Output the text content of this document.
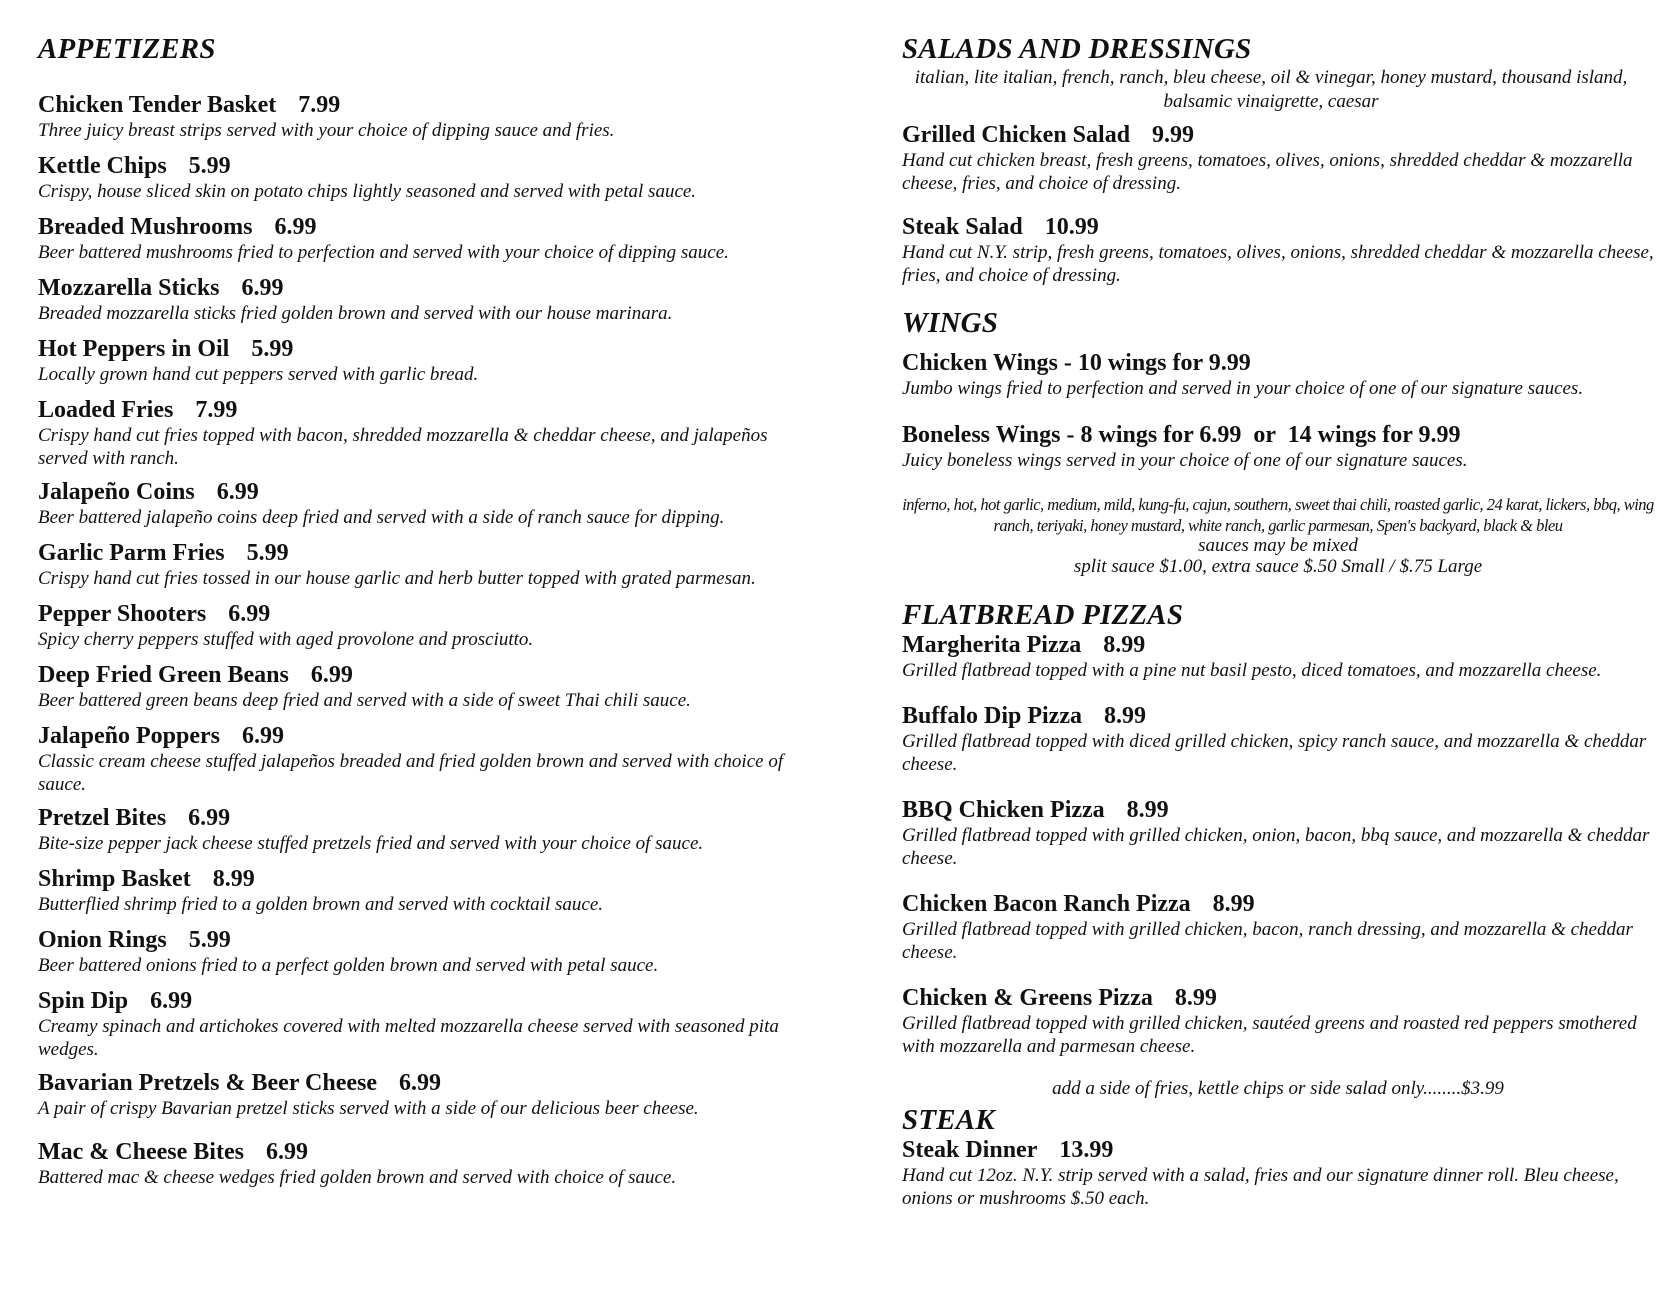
APPETIZERS
Chicken Tender Basket 7.99
Three juicy breast strips served with your choice of dipping sauce and fries.
Kettle Chips 5.99
Crispy, house sliced skin on potato chips lightly seasoned and served with petal sauce.
Breaded Mushrooms 6.99
Beer battered mushrooms fried to perfection and served with your choice of dipping sauce.
Mozzarella Sticks 6.99
Breaded mozzarella sticks fried golden brown and served with our house marinara.
Hot Peppers in Oil 5.99
Locally grown hand cut peppers served with garlic bread.
Loaded Fries 7.99
Crispy hand cut fries topped with bacon, shredded mozzarella & cheddar cheese, and jalapeños served with ranch.
Jalapeño Coins 6.99
Beer battered jalapeño coins deep fried and served with a side of ranch sauce for dipping.
Garlic Parm Fries 5.99
Crispy hand cut fries tossed in our house garlic and herb butter topped with grated parmesan.
Pepper Shooters 6.99
Spicy cherry peppers stuffed with aged provolone and prosciutto.
Deep Fried Green Beans 6.99
Beer battered green beans deep fried and served with a side of sweet Thai chili sauce.
Jalapeño Poppers 6.99
Classic cream cheese stuffed jalapeños breaded and fried golden brown and served with choice of sauce.
Pretzel Bites 6.99
Bite-size pepper jack cheese stuffed pretzels fried and served with your choice of sauce.
Shrimp Basket 8.99
Butterflied shrimp fried to a golden brown and served with cocktail sauce.
Onion Rings 5.99
Beer battered onions fried to a perfect golden brown and served with petal sauce.
Spin Dip 6.99
Creamy spinach and artichokes covered with melted mozzarella cheese served with seasoned pita wedges.
Bavarian Pretzels & Beer Cheese 6.99
A pair of crispy Bavarian pretzel sticks served with a side of our delicious beer cheese.
Mac & Cheese Bites 6.99
Battered mac & cheese wedges fried golden brown and served with choice of sauce.
SALADS AND DRESSINGS
italian, lite italian, french, ranch, bleu cheese, oil & vinegar, honey mustard, thousand island, balsamic vinaigrette, caesar
Grilled Chicken Salad 9.99
Hand cut chicken breast, fresh greens, tomatoes, olives, onions, shredded cheddar & mozzarella cheese, fries, and choice of dressing.
Steak Salad 10.99
Hand cut N.Y. strip, fresh greens, tomatoes, olives, onions, shredded cheddar & mozzarella cheese, fries, and choice of dressing.
WINGS
Chicken Wings - 10 wings for 9.99
Jumbo wings fried to perfection and served in your choice of one of our signature sauces.
Boneless Wings - 8 wings for 6.99  or  14 wings for 9.99
Juicy boneless wings served in your choice of one of our signature sauces.
inferno, hot, hot garlic, medium, mild, kung-fu, cajun, southern, sweet thai chili, roasted garlic, 24 karat, lickers, bbq, wing ranch, teriyaki, honey mustard, white ranch, garlic parmesan, Spen's backyard, black & bleu
sauces may be mixed
split sauce $1.00, extra sauce $.50 Small / $.75 Large
FLATBREAD PIZZAS
Margherita Pizza 8.99
Grilled flatbread topped with a pine nut basil pesto, diced tomatoes, and mozzarella cheese.
Buffalo Dip Pizza 8.99
Grilled flatbread topped with diced grilled chicken, spicy ranch sauce, and mozzarella & cheddar cheese.
BBQ Chicken Pizza 8.99
Grilled flatbread topped with grilled chicken, onion, bacon, bbq sauce, and mozzarella & cheddar cheese.
Chicken Bacon Ranch Pizza 8.99
Grilled flatbread topped with grilled chicken, bacon, ranch dressing, and mozzarella & cheddar cheese.
Chicken & Greens Pizza 8.99
Grilled flatbread topped with grilled chicken, sautéed greens and roasted red peppers smothered with mozzarella and parmesan cheese.
add a side of fries, kettle chips or side salad only........$3.99
STEAK
Steak Dinner 13.99
Hand cut 12oz. N.Y. strip served with a salad, fries and our signature dinner roll. Bleu cheese, onions or mushrooms $.50 each.
